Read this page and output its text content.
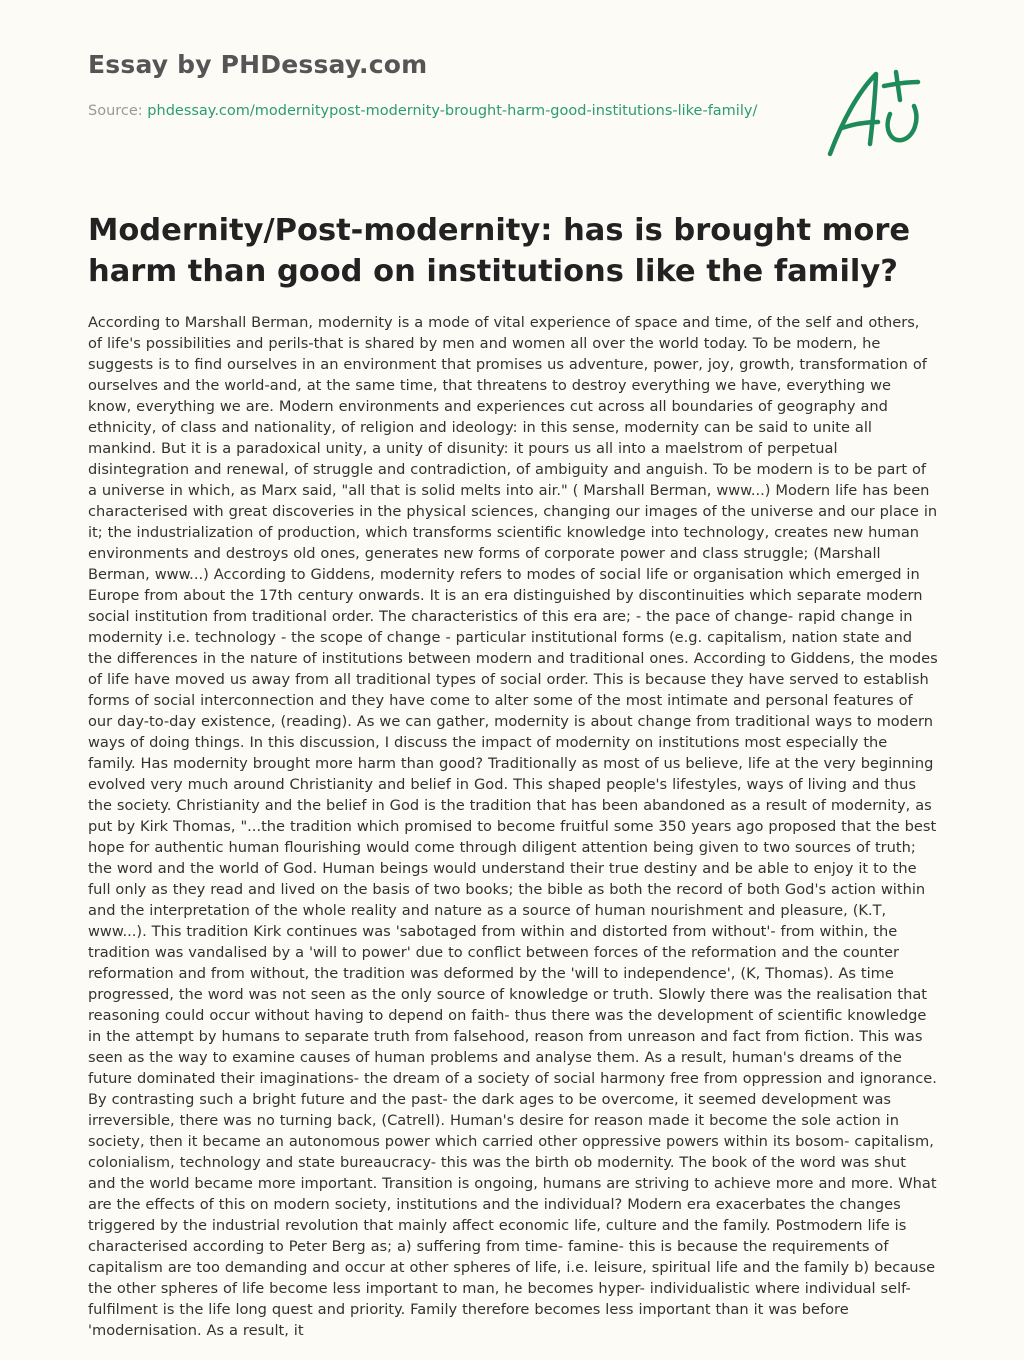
Essay by PHDessay.com
Source: phdessay.com/modernitypost-modernity-brought-harm-good-institutions-like-family/
Modernity/Post-modernity: has is brought more harm than good on institutions like the family?

According to Marshall Berman, modernity is a mode of vital experience of space and time, of the self and others, of life's possibilities and perils-that is shared by men and women all over the world today. To be modern, he suggests is to find ourselves in an environment that promises us adventure, power, joy, growth, transformation of ourselves and the world-and, at the same time, that threatens to destroy everything we have, everything we know, everything we are. Modern environments and experiences cut across all boundaries of geography and ethnicity, of class and nationality, of religion and ideology: in this sense, modernity can be said to unite all mankind. But it is a paradoxical unity, a unity of disunity: it pours us all into a maelstrom of perpetual disintegration and renewal, of struggle and contradiction, of ambiguity and anguish. To be modern is to be part of a universe in which, as Marx said, "all that is solid melts into air." ( Marshall Berman, www...) Modern life has been characterised with great discoveries in the physical sciences, changing our images of the universe and our place in it; the industrialization of production, which transforms scientific knowledge into technology, creates new human environments and destroys old ones, generates new forms of corporate power and class struggle; (Marshall Berman, www...) According to Giddens, modernity refers to modes of social life or organisation which emerged in Europe from about the 17th century onwards. It is an era distinguished by discontinuities which separate modern social institution from traditional order. The characteristics of this era are; - the pace of change- rapid change in modernity i.e. technology - the scope of change - particular institutional forms (e.g. capitalism, nation state and the differences in the nature of institutions between modern and traditional ones. According to Giddens, the modes of life have moved us away from all traditional types of social order. This is because they have served to establish forms of social interconnection and they have come to alter some of the most intimate and personal features of our day-to-day existence, (reading). As we can gather, modernity is about change from traditional ways to modern ways of doing things. In this discussion, I discuss the impact of modernity on institutions most especially the family. Has modernity brought more harm than good? Traditionally as most of us believe, life at the very beginning evolved very much around Christianity and belief in God. This shaped people's lifestyles, ways of living and thus the society. Christianity and the belief in God is the tradition that has been abandoned as a result of modernity, as put by Kirk Thomas, "...the tradition which promised to become fruitful some 350 years ago proposed that the best hope for authentic human flourishing would come through diligent attention being given to two sources of truth; the word and the world of God. Human beings would understand their true destiny and be able to enjoy it to the full only as they read and lived on the basis of two books; the bible as both the record of both God's action within and the interpretation of the whole reality and nature as a source of human nourishment and pleasure, (K.T, www...). This tradition Kirk continues was 'sabotaged from within and distorted from without'- from within, the tradition was vandalised by a 'will to power' due to conflict between forces of the reformation and the counter reformation and from without, the tradition was deformed by the 'will to independence', (K, Thomas). As time progressed, the word was not seen as the only source of knowledge or truth. Slowly there was the realisation that reasoning could occur without having to depend on faith- thus there was the development of scientific knowledge in the attempt by humans to separate truth from falsehood, reason from unreason and fact from fiction. This was seen as the way to examine causes of human problems and analyse them. As a result, human's dreams of the future dominated their imaginations- the dream of a society of social harmony free from oppression and ignorance. By contrasting such a bright future and the past- the dark ages to be overcome, it seemed development was irreversible, there was no turning back, (Catrell). Human's desire for reason made it become the sole action in society, then it became an autonomous power which carried other oppressive powers within its bosom- capitalism, colonialism, technology and state bureaucracy- this was the birth ob modernity. The book of the word was shut and the world became more important. Transition is ongoing, humans are striving to achieve more and more. What are the effects of this on modern society, institutions and the individual? Modern era exacerbates the changes triggered by the industrial revolution that mainly affect economic life, culture and the family. Postmodern life is characterised according to Peter Berg as; a) suffering from time- famine- this is because the requirements of capitalism are too demanding and occur at other spheres of life, i.e. leisure, spiritual life and the family b) because the other spheres of life become less important to man, he becomes hyper- individualistic where individual self- fulfilment is the life long quest and priority. Family therefore becomes less important than it was before 'modernisation. As a result, it
